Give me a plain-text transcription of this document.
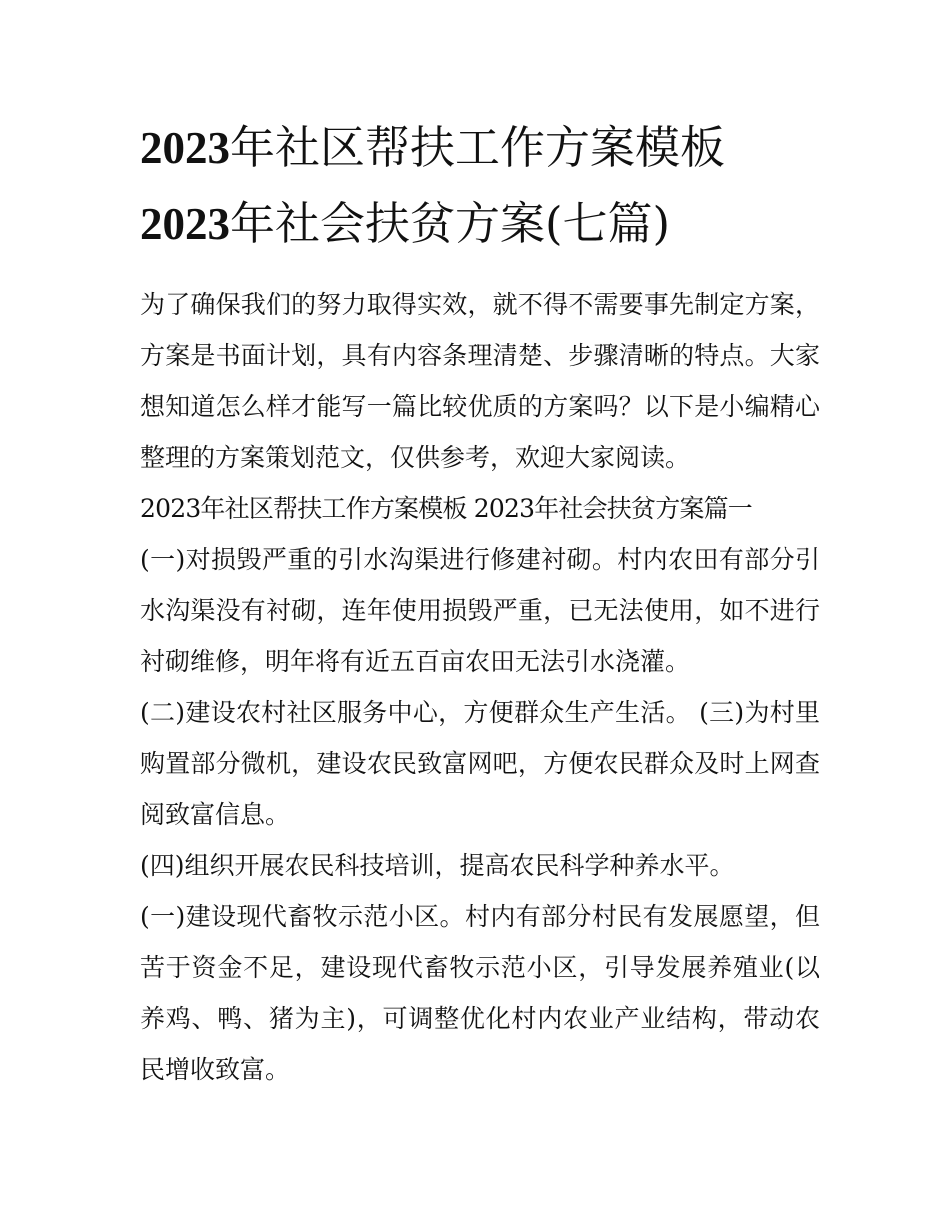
2023年社区帮扶工作方案模板
2023年社会扶贫方案(七篇)

为了确保我们的努力取得实效，就不得不需要事先制定方案，方案是书面计划，具有内容条理清楚、步骤清晰的特点。大家想知道怎么样才能写一篇比较优质的方案吗？以下是小编精心整理的方案策划范文，仅供参考，欢迎大家阅读。

2023年社区帮扶工作方案模板 2023年社会扶贫方案篇一

(一)对损毁严重的引水沟渠进行修建衬砌。村内农田有部分引水沟渠没有衬砌，连年使用损毁严重，已无法使用，如不进行衬砌维修，明年将有近五百亩农田无法引水浇灌。

(二)建设农村社区服务中心，方便群众生产生活。 (三)为村里购置部分微机，建设农民致富网吧，方便农民群众及时上网查阅致富信息。

(四)组织开展农民科技培训，提高农民科学种养水平。

(一)建设现代畜牧示范小区。村内有部分村民有发展愿望，但苦于资金不足，建设现代畜牧示范小区，引导发展养殖业(以养鸡、鸭、猪为主)，可调整优化村内农业产业结构，带动农民增收致富。
